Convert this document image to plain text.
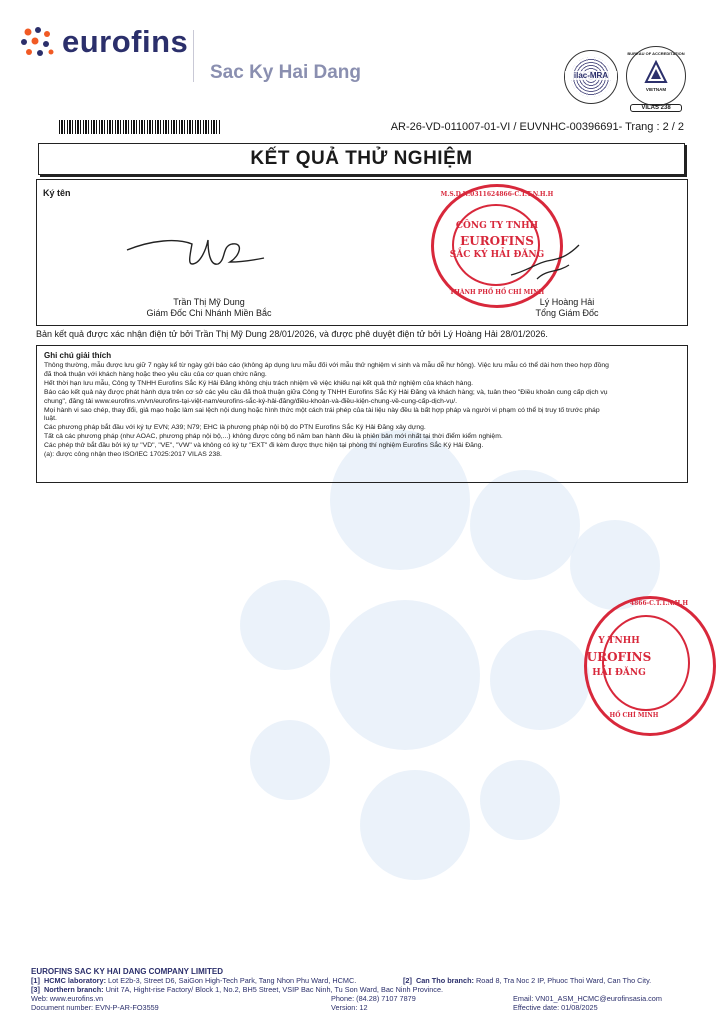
eurofins
Sac Ky Hai Dang	ilac-MRA
BUREAU OF ACCREDITATION
VIETNAM
VILAS 238
AR-26-VD-011007-01-VI / EUVNHC-00396691- Trang : 2 / 2
KẾT QUẢ THỬ NGHIỆM
Ký tên
Trần Thị Mỹ Dung
Giám Đốc Chi Nhánh Miền Bắc
M.S.D.N:0311624866-C.T.T.N.H.H
CÔNG TY TNHH
EUROFINS
SẮC KÝ HẢI ĐĂNG
THÀNH PHỐ HỒ CHÍ MINH
Lý Hoàng Hải
Tổng Giám Đốc
Bản kết quả được xác nhận điện tử bởi Trần Thị Mỹ Dung 28/01/2026, và được phê duyệt điện tử bởi Lý Hoàng Hải 28/01/2026.
Ghi chú giải thích
Thông thường, mẫu được lưu giữ 7 ngày kể từ ngày gửi báo cáo (không áp dụng lưu mẫu đối với mẫu thử nghiệm vi sinh và mẫu dễ hư hỏng). Việc lưu mẫu có thể dài hơn theo hợp đồng
đã thoả thuận với khách hàng hoặc theo yêu cầu của cơ quan chức năng.
Hết thời hạn lưu mẫu, Công ty TNHH Eurofins Sắc Ký Hải Đăng không chịu trách nhiệm về việc khiếu nại kết quả thử nghiệm của khách hàng.
Báo cáo kết quả này được phát hành dựa trên cơ sở các yêu cầu đã thoả thuận giữa Công ty TNHH Eurofins Sắc Ký Hải Đăng và khách hàng; và, tuân theo "Điều khoản cung cấp dịch vụ
chung", đăng tải www.eurofins.vn/vn/eurofins-tại-việt-nam/eurofins-sắc-ký-hải-đăng/điều-khoản-và-điều-kiện-chung-về-cung-cấp-dịch-vụ/.
Mọi hành vi sao chép, thay đổi, giả mạo hoặc làm sai lệch nội dung hoặc hình thức một cách trái phép của tài liệu này đều là bất hợp pháp và người vi phạm có thể bị truy tố trước pháp
luật.
Các phương pháp bắt đầu với ký tự EVN; A39; N79; EHC là phương pháp nội bộ do PTN Eurofins Sắc Ký Hải Đăng xây dựng.
Tất cả các phương pháp (như AOAC, phương pháp nội bộ,...) không được công bố năm ban hành đều là phiên bản mới nhất tại thời điểm kiểm nghiệm.
Các phép thử bắt đầu bởi ký tự "VD", "VE", "VW" và không có ký tự "EXT" đi kèm được thực hiện tại phòng thí nghiệm Eurofins Sắc Ký Hải Đăng.
(a): được công nhận theo ISO/IEC 17025:2017 VILAS 238.
4866-C.T.T.N.H.H
Y TNHH
UROFINS
HẢI ĐĂNG
HỒ CHÍ MINH
EUROFINS SAC KY HAI DANG COMPANY LIMITED
[1] HCMC laboratory: Lot E2b-3, Street D6, SaiGon High-Tech Park, Tang Nhon Phu Ward, HCMC.	[2] Can Tho branch: Road 8, Tra Noc 2 IP, Phuoc Thoi Ward, Can Tho City.
[3] Northern branch: Unit 7A, Hight-rise Factory/ Block 1, No.2, BH5 Street, VSIP Bac Ninh, Tu Son Ward, Bac Ninh Province.
Web: www.eurofins.vn	Phone: (84.28) 7107 7879	Email: VN01_ASM_HCMC@eurofinsasia.com
Document number: EVN-P-AR-FO3559	Version: 12	Effective date: 01/08/2025
